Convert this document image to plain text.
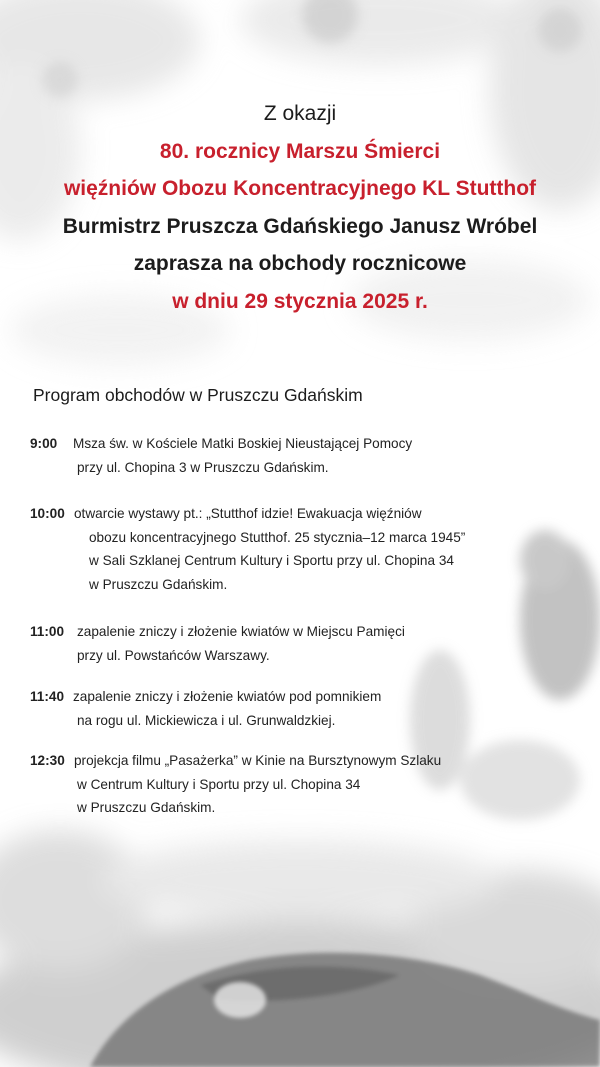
Z okazji
80. rocznicy Marszu Śmierci
więźniów Obozu Koncentracyjnego KL Stutthof
Burmistrz Pruszcza Gdańskiego Janusz Wróbel
zaprasza na obchody rocznicowe
w dniu 29 stycznia 2025 r.
Program obchodów w Pruszczu Gdańskim
9:00	Msza św. w Kościele Matki Boskiej Nieustającej Pomocy
przy ul. Chopina 3 w Pruszczu Gdańskim.
10:00 otwarcie wystawy pt.: „Stutthof idzie! Ewakuacja więźniów
obozu koncentracyjnego Stutthof. 25 stycznia–12 marca 1945”
w Sali Szklanej Centrum Kultury i Sportu przy ul. Chopina 34
w Pruszczu Gdańskim.
11:00 zapalenie zniczy i złożenie kwiatów w Miejscu Pamięci
przy ul. Powstańców Warszawy.
11:40 zapalenie zniczy i złożenie kwiatów pod pomnikiem
na rogu ul. Mickiewicza i ul. Grunwaldzkiej.
12:30 projekcja filmu „Pasażerka” w Kinie na Bursztynowym Szlaku
w Centrum Kultury i Sportu przy ul. Chopina 34
w Pruszczu Gdańskim.
